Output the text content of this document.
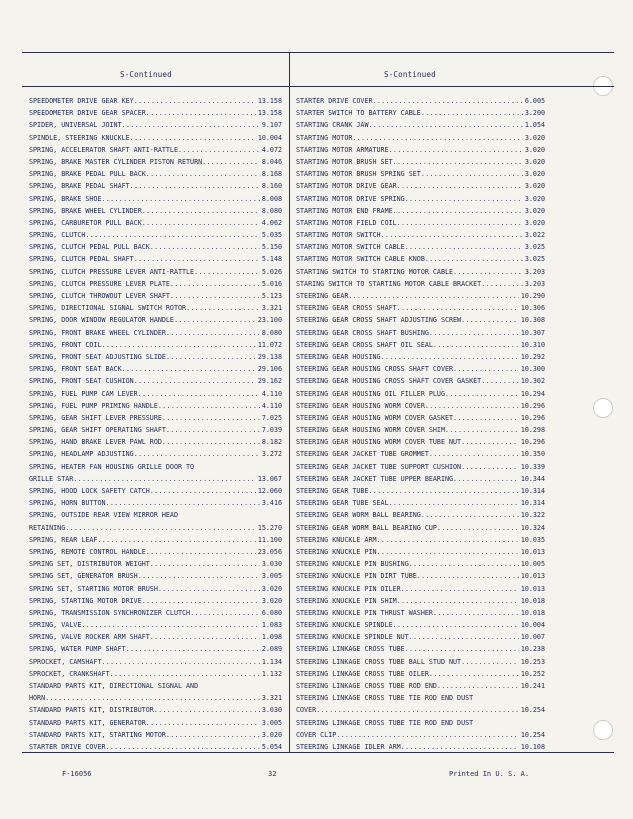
S-Continued	S-Continued
SPEEDOMETER DRIVE GEAR KEY .....	13.158
SPEEDOMETER DRIVE GEAR SPACER .....	13.158
SPIDER, UNIVERSAL JOINT .....	9.107
SPINDLE, STEERING KNUCKLE .....	10.004
SPRING, ACCELERATOR SHAFT ANTI-RATTLE .....	4.072
SPRING, BRAKE MASTER CYLINDER PISTON RETURN .....	8.046
SPRING, BRAKE PEDAL PULL BACK .....	8.168
SPRING, BRAKE PEDAL SHAFT .....	8.160
SPRING, BRAKE SHOE .....	8.008
SPRING, BRAKE WHEEL CYLINDER .....	8.080
SPRING, CARBURETOR PULL BACK .....	4.062
SPRING, CLUTCH .....	5.035
SPRING, CLUTCH PEDAL PULL BACK .....	5.150
SPRING, CLUTCH PEDAL SHAFT .....	5.148
SPRING, CLUTCH PRESSURE LEVER ANTI-RATTLE .....	5.026
SPRING, CLUTCH PRESSURE LEVER PLATE .....	5.016
SPRING, CLUTCH THROWOUT LEVER SHAFT .....	5.123
SPRING, DIRECTIONAL SIGNAL SWITCH ROTOR .....	3.321
SPRING, DOOR WINDOW REGULATOR HANDLE .....	23.100
SPRING, FRONT BRAKE WHEEL CYLINDER .....	8.080
SPRING, FRONT COIL .....	11.072
SPRING, FRONT SEAT ADJUSTING SLIDE .....	29.138
SPRING, FRONT SEAT BACK .....	29.106
SPRING, FRONT SEAT CUSHION .....	29.162
SPRING, FUEL PUMP CAM LEVER .....	4.110
SPRING, FUEL PUMP PRIMING HANDLE .....	4.110
SPRING, GEAR SHIFT LEVER PRESSURE .....	7.025
SPRING, GEAR SHIFT OPERATING SHAFT .....	7.039
SPRING, HAND BRAKE LEVER PAWL ROD .....	8.182
SPRING, HEADLAMP ADJUSTING .....	3.272
SPRING, HEATER FAN HOUSING GRILLE DOOR TO
GRILLE STAR .....	13.067
SPRING, HOOD LOCK SAFETY CATCH .....	12.060
SPRING, HORN BUTTON .....	3.416
SPRING, OUTSIDE REAR VIEW MIRROR HEAD
RETAINING .....	15.270
SPRING, REAR LEAF .....	11.100
SPRING, REMOTE CONTROL HANDLE .....	23.056
SPRING SET, DISTRIBUTOR WEIGHT .....	3.030
SPRING SET, GENERATOR BRUSH .....	3.005
SPRING SET, STARTING MOTOR BRUSH .....	3.020
SPRING, STARTING MOTOR DRIVE .....	3.020
SPRING, TRANSMISSION SYNCHRONIZER CLUTCH .....	6.080
SPRING, VALVE .....	1.083
SPRING, VALVE ROCKER ARM SHAFT .....	1.098
SPRING, WATER PUMP SHAFT .....	2.089
SPROCKET, CAMSHAFT .....	1.134
SPROCKET, CRANKSHAFT .....	1.132
STANDARD PARTS KIT, DIRECTIONAL SIGNAL AND
HORN .....	3.321
STANDARD PARTS KIT, DISTRIBUTOR .....	3.030
STANDARD PARTS KIT, GENERATOR .....	3.005
STANDARD PARTS KIT, STARTING MOTOR .....	3.020
STARTER DRIVE COVER .....	5.054
STARTER DRIVE COVER .....	6.005
STARTER SWITCH TO BATTERY CABLE .....	3.200
STARTING CRANK JAW .....	1.054
STARTING MOTOR .....	3.020
STARTING MOTOR ARMATURE .....	3.020
STARTING MOTOR BRUSH SET .....	3.020
STARTING MOTOR BRUSH SPRING SET .....	3.020
STARTING MOTOR DRIVE GEAR .....	3.020
STARTING MOTOR DRIVE SPRING .....	3.020
STARTING MOTOR END FRAME .....	3.020
STARTING MOTOR FIELD COIL .....	3.020
STARTING MOTOR SWITCH .....	3.022
STARTING MOTOR SWITCH CABLE .....	3.025
STARTING MOTOR SWITCH CABLE KNOB .....	3.025
STARTING SWITCH TO STARTING MOTOR CABLE .....	3.203
STARING SWITCH TO STARTING MOTOR CABLE BRACKET .....	3.203
STEERING GEAR .....	10.290
STEERING GEAR CROSS SHAFT .....	10.306
STEERING GEAR CROSS SHAFT ADJUSTING SCREW .....	10.308
STEERING GEAR CROSS SHAFT BUSHING .....	10.307
STEERING GEAR CROSS SHAFT OIL SEAL .....	10.310
STEERING GEAR HOUSING .....	10.292
STEERING GEAR HOUSING CROSS SHAFT COVER .....	10.300
STEERING GEAR HOUSING CROSS SHAFT COVER GASKET .....	10.302
STEERING GEAR HOUSING OIL FILLER PLUG .....	10.294
STEERING GEAR HOUSING WORM COVER .....	10.296
STEERING GEAR HOUSING WORM COVER GASKET .....	10.296
STEERING GEAR HOUSING WORM COVER SHIM .....	10.298
STEERING GEAR HOUSING WORM COVER TUBE NUT .....	10.296
STEERING GEAR JACKET TUBE GROMMET .....	10.350
STEERING GEAR JACKET TUBE SUPPORT CUSHION .....	10.339
STEERING GEAR JACKET TUBE UPPER BEARING .....	10.344
STEERING GEAR TUBE .....	10.314
STEERING GEAR TUBE SEAL .....	10.314
STEERING GEAR WORM BALL BEARING .....	10.322
STEERING GEAR WORM BALL BEARING CUP .....	10.324
STEERING KNUCKLE ARM .....	10.035
STEERING KNUCKLE PIN .....	10.013
STEERING KNUCKLE PIN BUSHING .....	10.005
STEERING KNUCKLE PIN DIRT TUBE .....	10.013
STEERING KNUCKLE PIN OILER .....	10.013
STEERING KNUCKLE PIN SHIM .....	10.018
STEERING KNUCKLE PIN THRUST WASHER .....	10.018
STEERING KNUCKLE SPINDLE .....	10.004
STEERING KNUCKLE SPINDLE NUT .....	10.007
STEERING LINKAGE CROSS TUBE .....	10.238
STEERING LINKAGE CROSS TUBE BALL STUD NUT .....	10.253
STEERING LINKAGE CROSS TUBE OILER .....	10.252
STEERING LINKAGE CROSS TUBE ROD END .....	10.241
STEERING LINKAGE CROSS TUBE TIE ROD END DUST
COVER .....	10.254
STEERING LINKAGE CROSS TUBE TIE ROD END DUST
COVER CLIP .....	10.254
STEERING LINKAGE IDLER ARM .....	10.108
F-16056	32	Printed In U. S. A.
